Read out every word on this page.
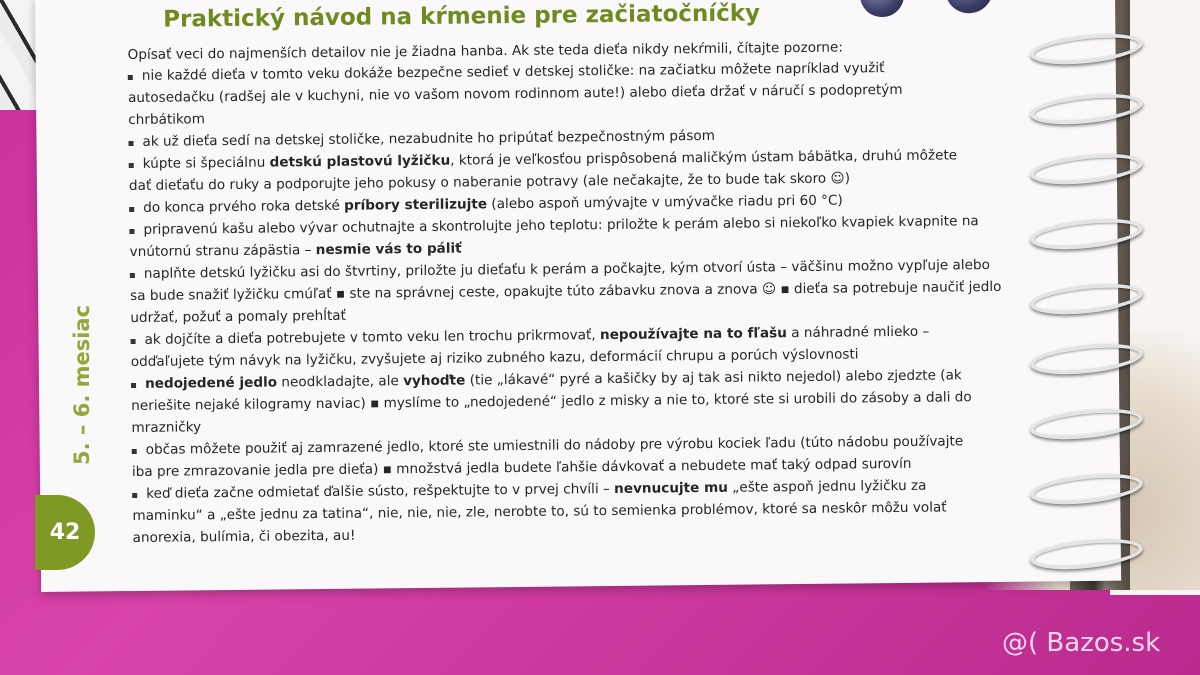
Praktický návod na kŕmenie pre začiatočníčky
Opísať veci do najmenších detailov nie je žiadna hanba. Ak ste teda dieťa nikdy nekŕmili, čítajte pozorne:
nie každé dieťa v tomto veku dokáže bezpečne sedieť v detskej stoličke: na začiatku môžete napríklad využiť
autosedačku (radšej ale v kuchyni, nie vo vašom novom rodinnom aute!) alebo dieťa držať v náručí s podopretým
chrbátikom
ak už dieťa sedí na detskej stoličke, nezabudnite ho pripútať bezpečnostným pásom
kúpte si špeciálnu detskú plastovú lyžičku, ktorá je veľkosťou prispôsobená maličkým ústam bábätka, druhú môžete
dať dieťaťu do ruky a podporujte jeho pokusy o naberanie potravy (ale nečakajte, že to bude tak skoro ☺)
do konca prvého roka detské príbory sterilizujte (alebo aspoň umývajte v umývačke riadu pri 60 °C)
pripravenú kašu alebo vývar ochutnajte a skontrolujte jeho teplotu: priložte k perám alebo si niekoľko kvapiek kvapnite na
vnútornú stranu zápästia – nesmie vás to páliť
naplňte detskú lyžičku asi do štvrtiny, priložte ju dieťaťu k perám a počkajte, kým otvorí ústa – väčšinu možno vypľuje alebo
sa bude snažiť lyžičku cmúľať ▪ ste na správnej ceste, opakujte túto zábavku znova a znova ☺ ▪ dieťa sa potrebuje naučiť jedlo
udržať, požuť a pomaly prehĺtať
ak dojčíte a dieťa potrebujete v tomto veku len trochu prikrmovať, nepoužívajte na to fľašu a náhradné mlieko –
odďaľujete tým návyk na lyžičku, zvyšujete aj riziko zubného kazu, deformácií chrupu a porúch výslovnosti
nedojedené jedlo neodkladajte, ale vyhoďte (tie „lákavé“ pyré a kašičky by aj tak asi nikto nejedol) alebo zjedzte (ak
neriešite nejaké kilogramy naviac) ▪ myslíme to „nedojedené“ jedlo z misky a nie to, ktoré ste si urobili do zásoby a dali do
mrazničky
občas môžete použiť aj zamrazené jedlo, ktoré ste umiestnili do nádoby pre výrobu kociek ľadu (túto nádobu používajte
iba pre zmrazovanie jedla pre dieťa) ▪ množstvá jedla budete ľahšie dávkovať a nebudete mať taký odpad surovín
keď dieťa začne odmietať ďalšie sústo, rešpektujte to v prvej chvíli – nevnucujte mu „ešte aspoň jednu lyžičku za
maminku“ a „ešte jednu za tatina“, nie, nie, nie, zle, nerobte to, sú to semienka problémov, ktoré sa neskôr môžu volať
anorexia, bulímia, či obezita, au!
5. – 6. mesiac
42
@( Bazos.sk
